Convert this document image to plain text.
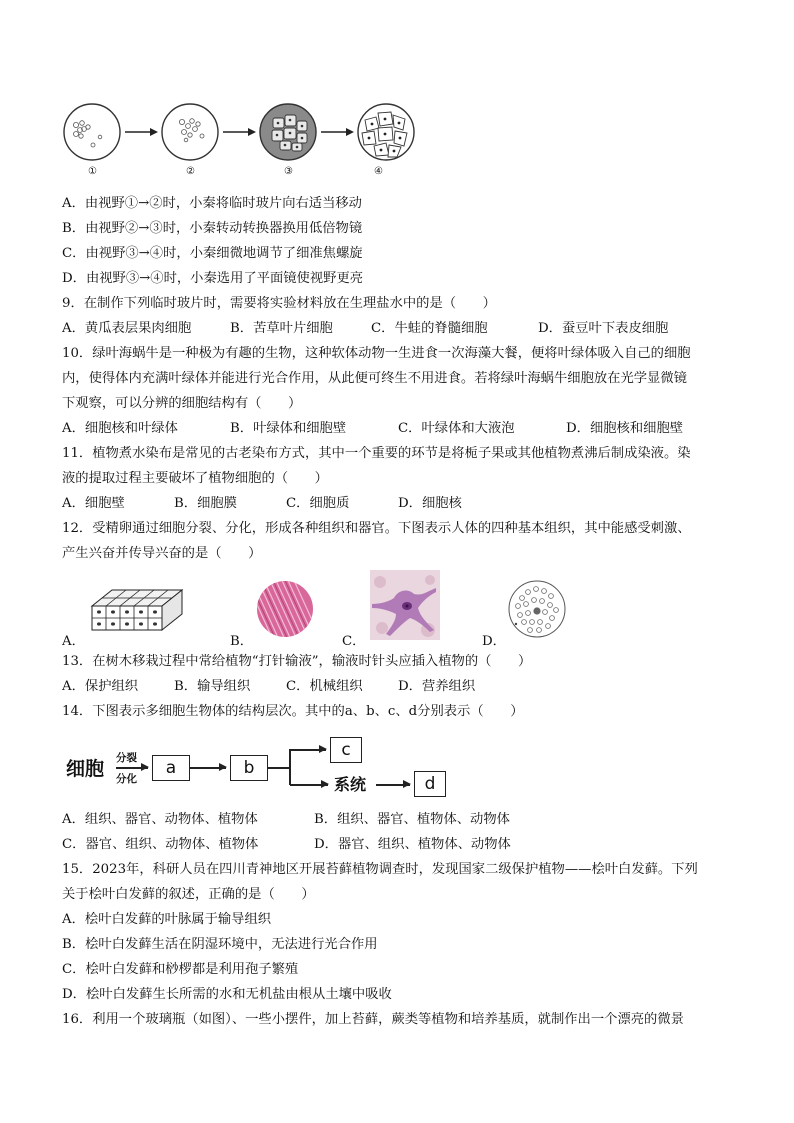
①	②	③	④
A．由视野①→②时，小秦将临时玻片向右适当移动
B．由视野②→③时，小秦转动转换器换用低倍物镜
C．由视野③→④时，小秦细微地调节了细准焦螺旋
D．由视野③→④时，小秦选用了平面镜使视野更亮
9．在制作下列临时玻片时，需要将实验材料放在生理盐水中的是（　　）
A．黄瓜表层果肉细胞	B．苦草叶片细胞	C．牛蛙的脊髓细胞	D．蚕豆叶下表皮细胞
10．绿叶海蜗牛是一种极为有趣的生物，这种软体动物一生进食一次海藻大餐，便将叶绿体吸入自己的细胞
内，使得体内充满叶绿体并能进行光合作用，从此便可终生不用进食。若将绿叶海蜗牛细胞放在光学显微镜
下观察，可以分辨的细胞结构有（　　）
A．细胞核和叶绿体	B．叶绿体和细胞壁	C．叶绿体和大液泡	D．细胞核和细胞壁
11．植物煮水染布是常见的古老染布方式，其中一个重要的环节是将栀子果或其他植物煮沸后制成染液。染
液的提取过程主要破坏了植物细胞的（　　）
A．细胞壁	B．细胞膜	C．细胞质	D．细胞核
12．受精卵通过细胞分裂、分化，形成各种组织和器官。下图表示人体的四种基本组织，其中能感受刺激、
产生兴奋并传导兴奋的是（　　）
A．	B．	C．	D．
13．在树木移栽过程中常给植物“打针输液”，输液时针头应插入植物的（　　）
A．保护组织	B．输导组织	C．机械组织	D．营养组织
14．下图表示多细胞生物体的结构层次。其中的a、b、c、d分别表示（　　）
细胞 分裂
分化
a	b
c
系统	d
A．组织、器官、动物体、植物体	B．组织、器官、植物体、动物体
C．器官、组织、动物体、植物体	D．器官、组织、植物体、动物体
15．2023年，科研人员在四川青神地区开展苔藓植物调查时，发现国家二级保护植物——桧叶白发藓。下列
关于桧叶白发藓的叙述，正确的是（　　）
A．桧叶白发藓的叶脉属于输导组织
B．桧叶白发藓生活在阴湿环境中，无法进行光合作用
C．桧叶白发藓和桫椤都是利用孢子繁殖
D．桧叶白发藓生长所需的水和无机盐由根从土壤中吸收
16．利用一个玻璃瓶（如图）、一些小摆件，加上苔藓，蕨类等植物和培养基质，就制作出一个漂亮的微景
